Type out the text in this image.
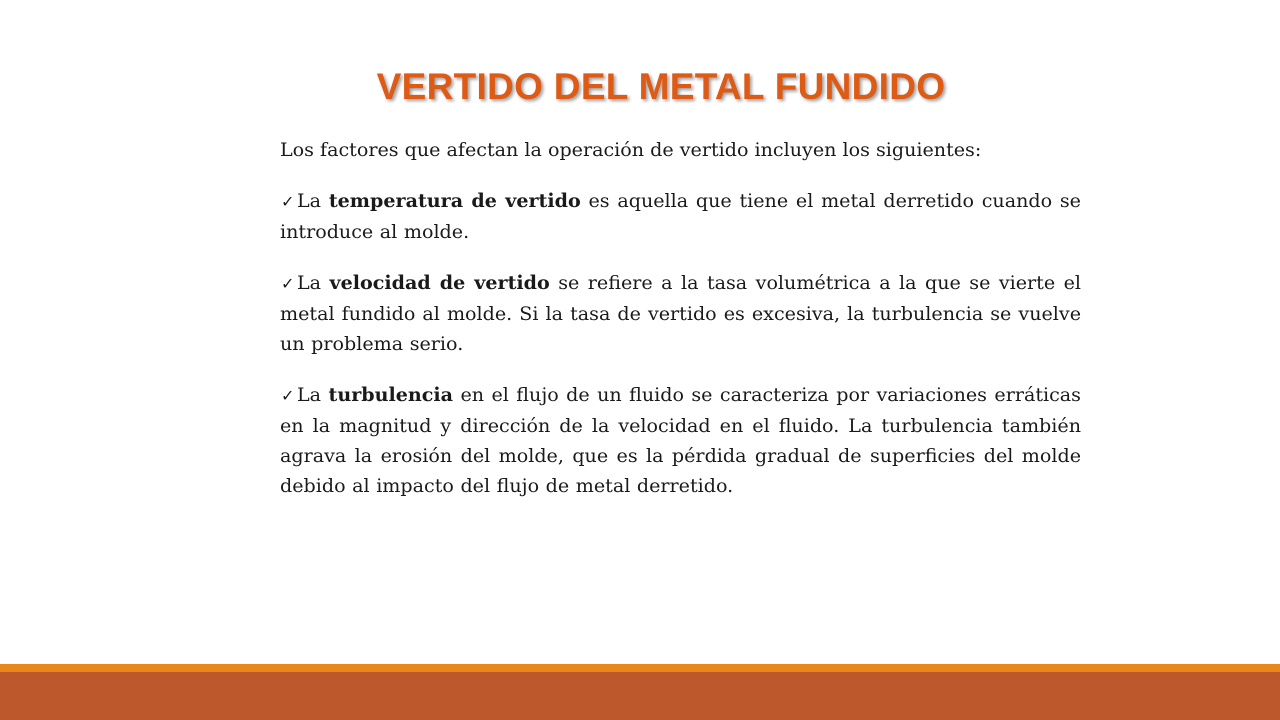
VERTIDO DEL METAL FUNDIDO

Los factores que afectan la operación de vertido incluyen los siguientes:

✓ La temperatura de vertido es aquella que tiene el metal derretido cuando se introduce al molde.

✓ La velocidad de vertido se refiere a la tasa volumétrica a la que se vierte el metal fundido al molde. Si la tasa de vertido es excesiva, la turbulencia se vuelve un problema serio.

✓ La turbulencia en el flujo de un fluido se caracteriza por variaciones erráticas en la magnitud y dirección de la velocidad en el fluido. La turbulencia también agrava la erosión del molde, que es la pérdida gradual de superficies del molde debido al impacto del flujo de metal derretido.
